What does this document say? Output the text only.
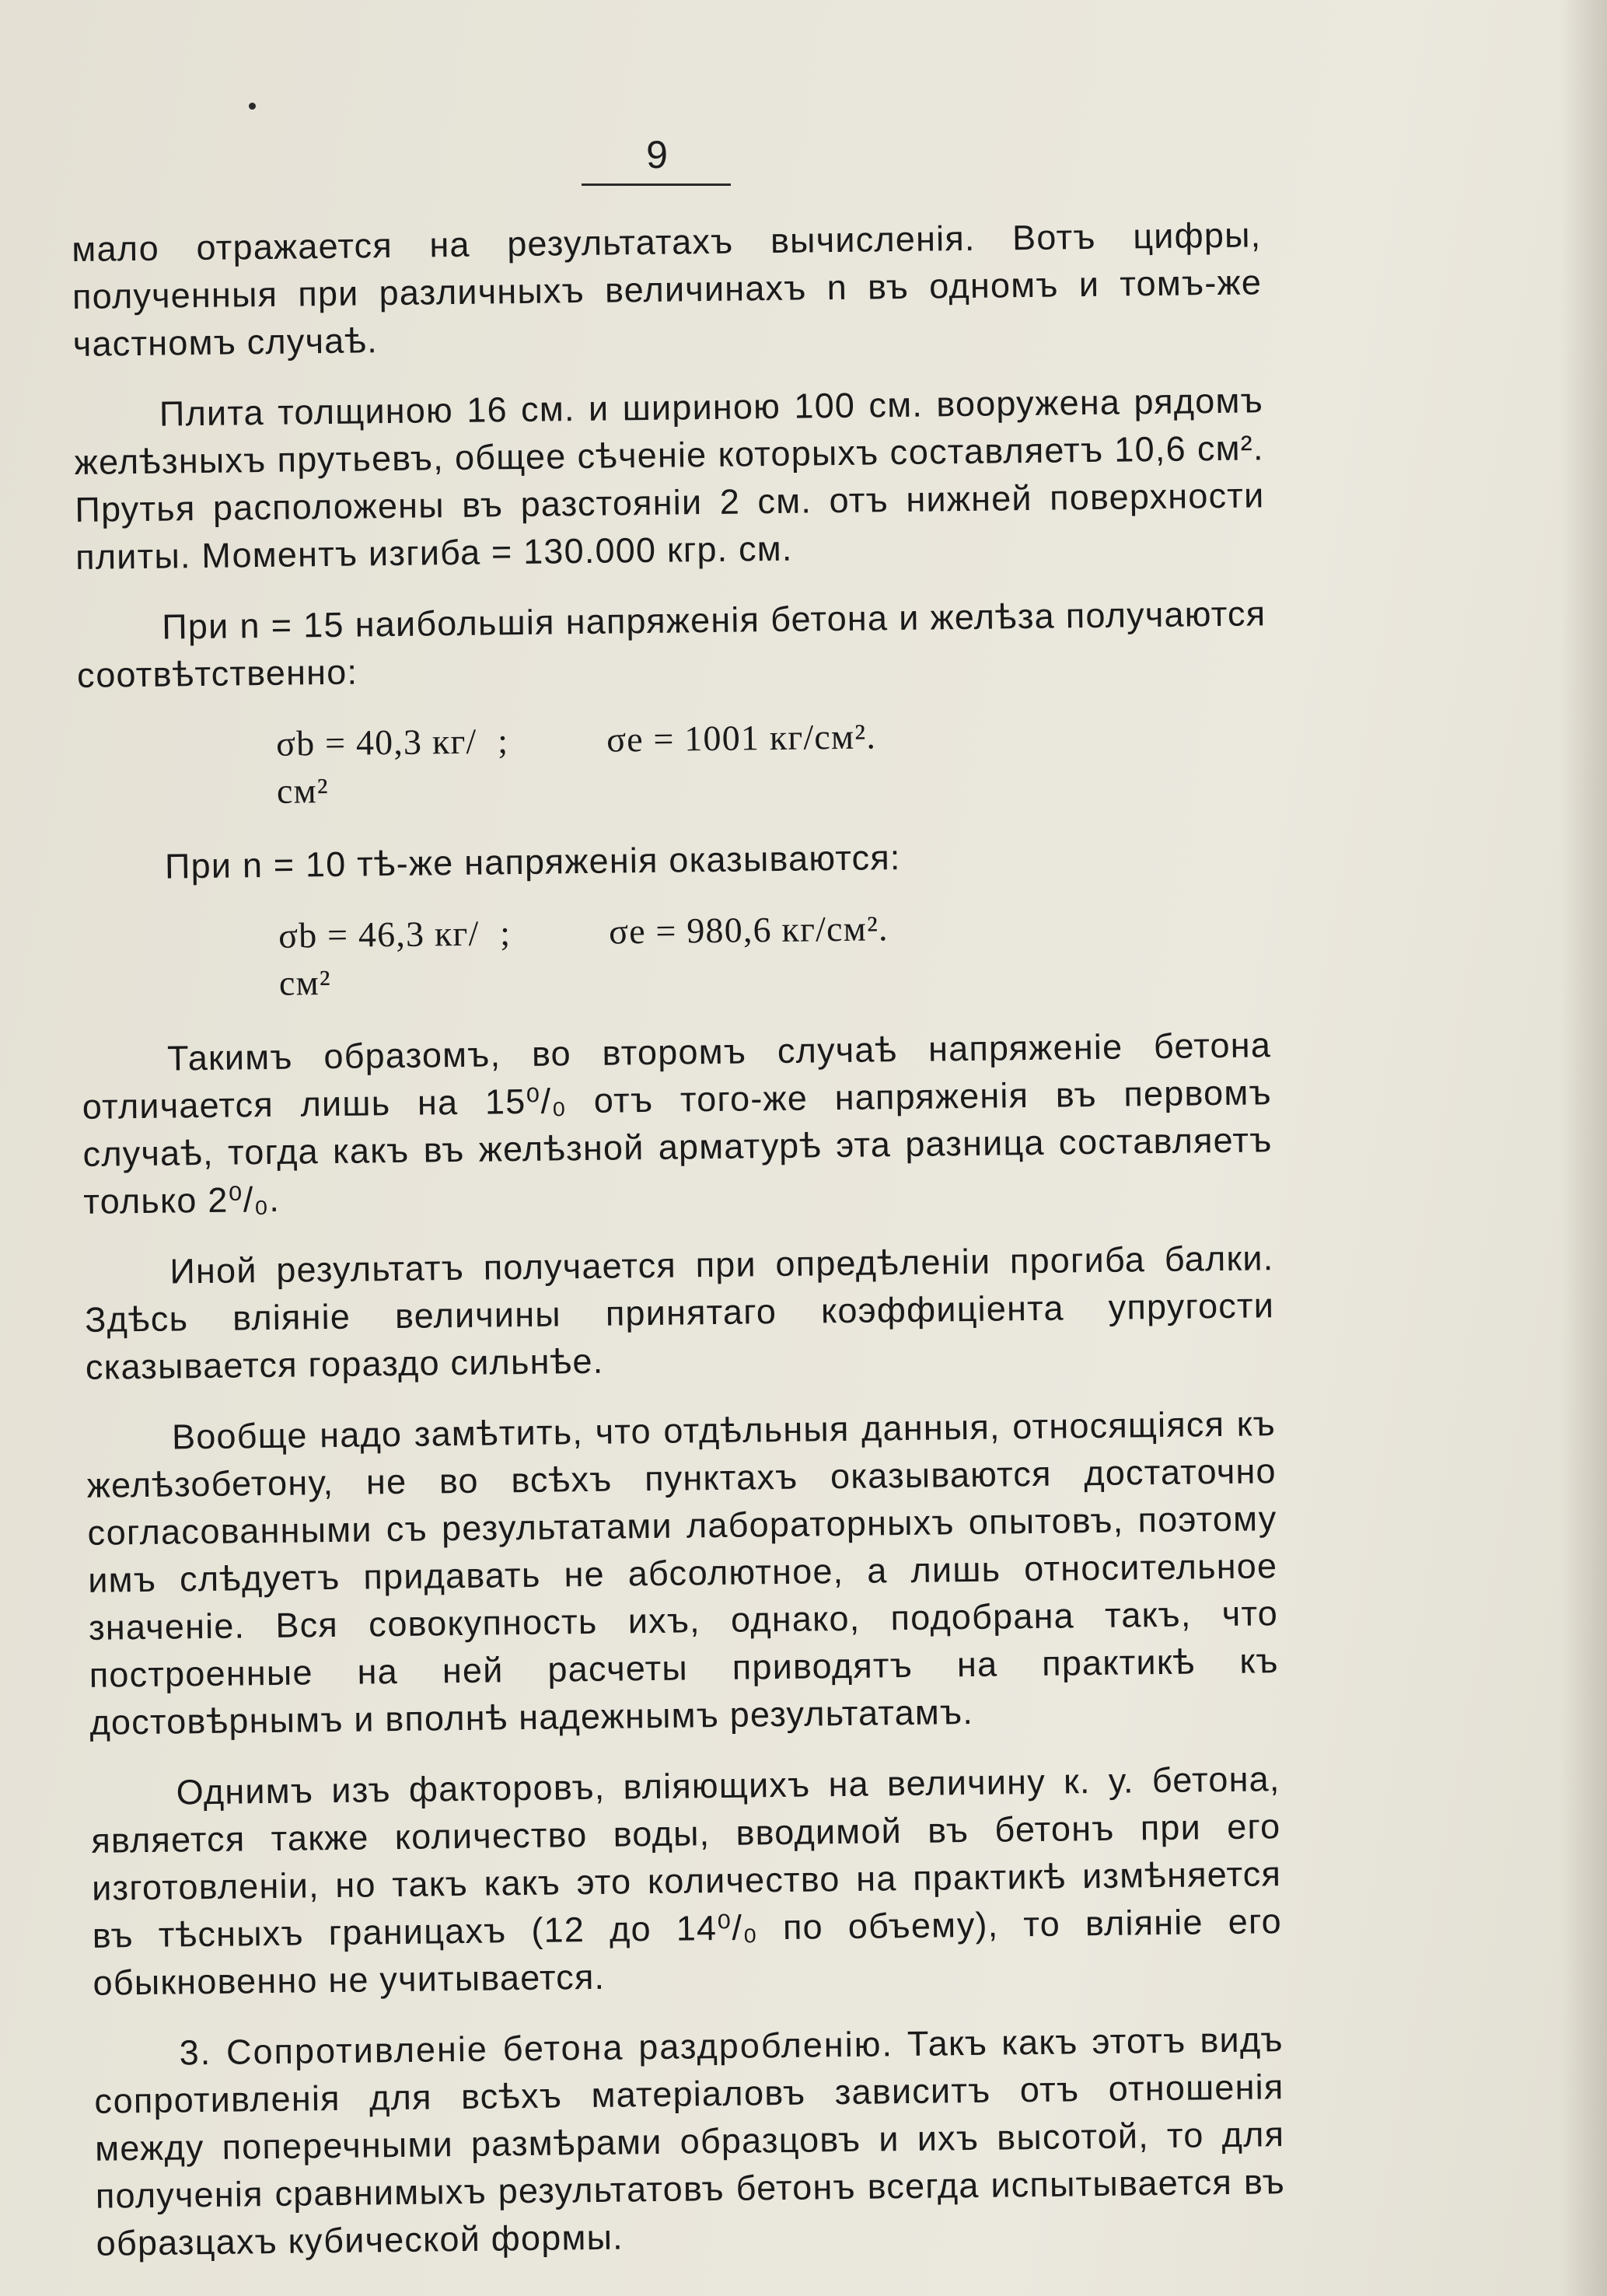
9

мало отражается на результатахъ вычисленія. Вотъ цифры, полученныя при различныхъ величинахъ n въ одномъ и томъ-же частномъ случаѣ.

Плита толщиною 16 см. и шириною 100 см. вооружена рядомъ желѣзныхъ прутьевъ, общее сѣченіе которыхъ составляетъ 10,6 см². Прутья расположены въ разстояніи 2 см. отъ нижней поверхности плиты. Моментъ изгиба = 130.000 кгр. см.

При n = 15 наибольшія напряженія бетона и желѣза получаются соотвѣтственно:

σb = 40,3 кг/см²
;	σe = 1001 кг/см².

При n = 10 тѣ-же напряженія оказываются:

σb = 46,3 кг/см²
;	σe = 980,6 кг/см².

Такимъ образомъ, во второмъ случаѣ напряженіе бетона отличается лишь на 15⁰/₀ отъ того-же напряженія въ первомъ случаѣ, тогда какъ въ желѣзной арматурѣ эта разница составляетъ только 2⁰/₀.

Иной результатъ получается при опредѣленіи прогиба балки. Здѣсь вліяніе величины принятаго коэффиціента упругости сказывается гораздо сильнѣе.

Вообще надо замѣтить, что отдѣльныя данныя, относящіяся къ желѣзобетону, не во всѣхъ пунктахъ оказываются достаточно согласованными съ результатами лабораторныхъ опытовъ, поэтому имъ слѣдуетъ придавать не абсолютное, а лишь относительное значеніе. Вся совокупность ихъ, однако, подобрана такъ, что построенные на ней расчеты приводятъ на практикѣ къ достовѣрнымъ и вполнѣ надежнымъ результатамъ.

Однимъ изъ факторовъ, вліяющихъ на величину к. у. бетона, является также количество воды, вводимой въ бетонъ при его изготовленіи, но такъ какъ это количество на практикѣ измѣняется въ тѣсныхъ границахъ (12 до 14⁰/₀ по объему), то вліяніе его обыкновенно не учитывается.

3. Сопротивленіе бетона раздробленію. Такъ какъ этотъ видъ сопротивленія для всѣхъ матеріаловъ зависитъ отъ отношенія между поперечными размѣрами образцовъ и ихъ высотой, то для полученія сравнимыхъ результатовъ бетонъ всегда испытывается въ образцахъ кубической формы.
